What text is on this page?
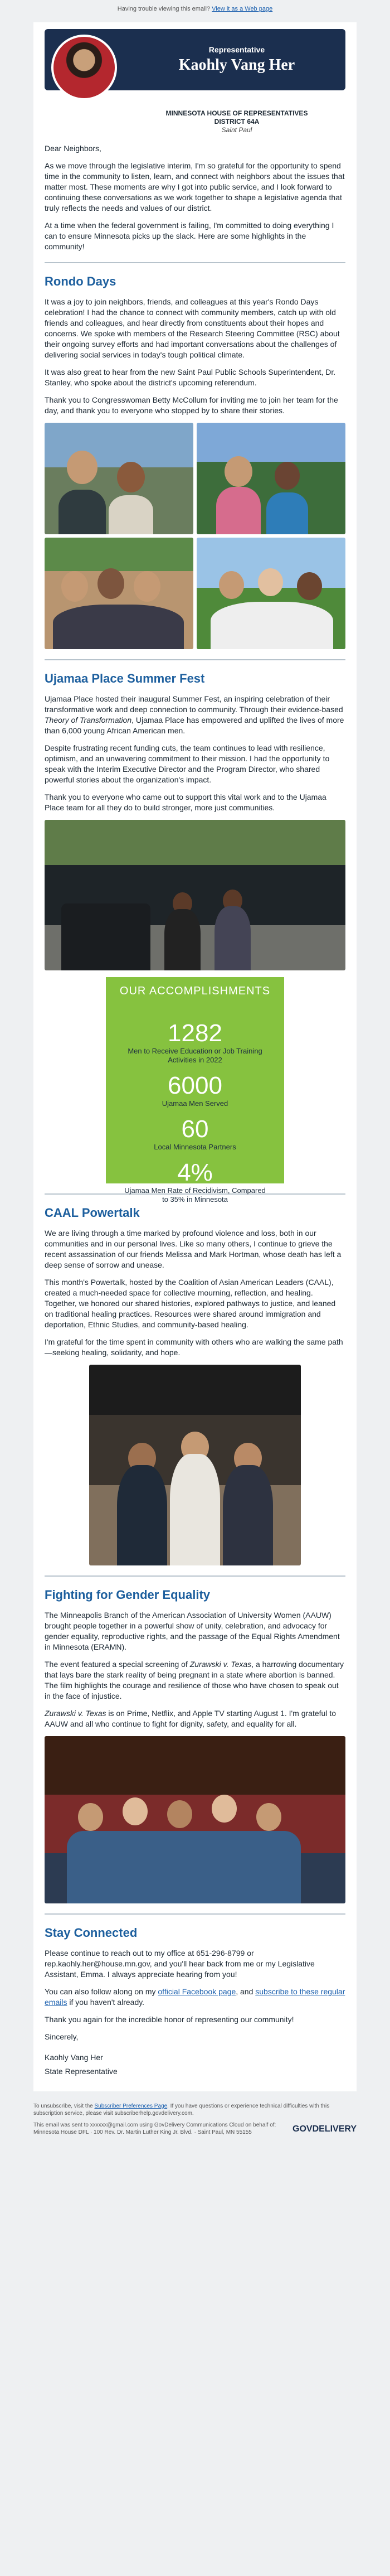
Having trouble viewing this email? View it as a Web page
Representative
Kaohly Vang Her
MINNESOTA HOUSE OF REPRESENTATIVES
DISTRICT 64A
Saint Paul

Dear Neighbors,

As we move through the legislative interim, I'm so grateful for the opportunity to spend time in the community to listen, learn, and connect with neighbors about the issues that matter most. These moments are why I got into public service, and I look forward to continuing these conversations as we work together to shape a legislative agenda that truly reflects the needs and values of our district.

At a time when the federal government is failing, I'm committed to doing everything I can to ensure Minnesota picks up the slack. Here are some highlights in the community!

Rondo Days

It was a joy to join neighbors, friends, and colleagues at this year's Rondo Days celebration! I had the chance to connect with community members, catch up with old friends and colleagues, and hear directly from constituents about their hopes and concerns. We spoke with members of the Research Steering Committee (RSC) about their ongoing survey efforts and had important conversations about the challenges of delivering social services in today's tough political climate.

It was also great to hear from the new Saint Paul Public Schools Superintendent, Dr. Stanley, who spoke about the district's upcoming referendum.

Thank you to Congresswoman Betty McCollum for inviting me to join her team for the day, and thank you to everyone who stopped by to share their stories.

Ujamaa Place Summer Fest

Ujamaa Place hosted their inaugural Summer Fest, an inspiring celebration of their transformative work and deep connection to community. Through their evidence-based Theory of Transformation, Ujamaa Place has empowered and uplifted the lives of more than 6,000 young African American men.

Despite frustrating recent funding cuts, the team continues to lead with resilience, optimism, and an unwavering commitment to their mission. I had the opportunity to speak with the Interim Executive Director and the Program Director, who shared powerful stories about the organization's impact.

Thank you to everyone who came out to support this vital work and to the Ujamaa Place team for all they do to build stronger, more just communities.

OUR ACCOMPLISHMENTS
1282
Men to Receive Education or Job Training Activities in 2022
6000
Ujamaa Men Served
60
Local Minnesota Partners
4%
Ujamaa Men Rate of Recidivism, Compared to 35% in Minnesota
CAAL Powertalk

We are living through a time marked by profound violence and loss, both in our communities and in our personal lives. Like so many others, I continue to grieve the recent assassination of our friends Melissa and Mark Hortman, whose death has left a deep sense of sorrow and unease.

This month's Powertalk, hosted by the Coalition of Asian American Leaders (CAAL), created a much-needed space for collective mourning, reflection, and healing. Together, we honored our shared histories, explored pathways to justice, and leaned on traditional healing practices. Resources were shared around immigration and deportation, Ethnic Studies, and community-based healing.

I'm grateful for the time spent in community with others who are walking the same path—seeking healing, solidarity, and hope.

Fighting for Gender Equality

The Minneapolis Branch of the American Association of University Women (AAUW) brought people together in a powerful show of unity, celebration, and advocacy for gender equality, reproductive rights, and the passage of the Equal Rights Amendment in Minnesota (ERAMN).

The event featured a special screening of Zurawski v. Texas, a harrowing documentary that lays bare the stark reality of being pregnant in a state where abortion is banned. The film highlights the courage and resilience of those who have chosen to speak out in the face of injustice.

Zurawski v. Texas is on Prime, Netflix, and Apple TV starting August 1. I'm grateful to AAUW and all who continue to fight for dignity, safety, and equality for all.

Stay Connected

Please continue to reach out to my office at 651-296-8799 or rep.kaohly.her@house.mn.gov, and you'll hear back from me or my Legislative Assistant, Emma. I always appreciate hearing from you!

You can also follow along on my official Facebook page, and subscribe to these regular emails if you haven't already.

Thank you again for the incredible honor of representing our community!

Sincerely,

Kaohly Vang Her

State Representative

To unsubscribe, visit the Subscriber Preferences Page. If you have questions or experience technical difficulties with this subscription service, please visit subscriberhelp.govdelivery.com.
This email was sent to xxxxxx@gmail.com using GovDelivery Communications Cloud on behalf of: Minnesota House DFL · 100 Rev. Dr. Martin Luther King Jr. Blvd. · Saint Paul, MN 55155	GOVDELIVERY
